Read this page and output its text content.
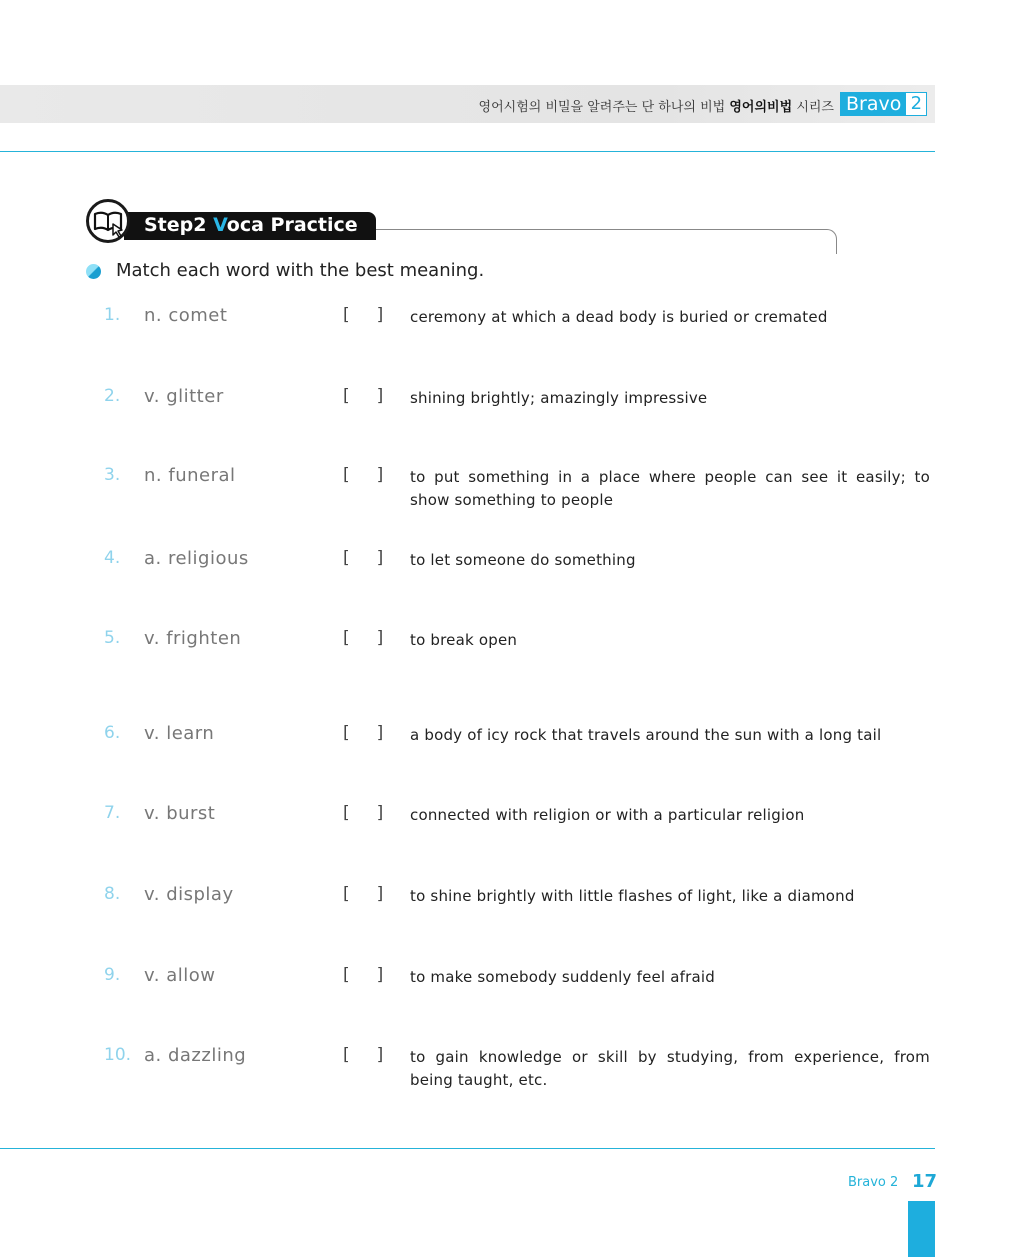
영어시험의 비밀을 알려주는 단 하나의 비법 영어의비법 시리즈 Bravo 2
Step2 Voca Practice
Match each word with the best meaning.
1. n. comet	[     ] ceremony at which a dead body is buried or cremated
2. v. glitter	[     ] shining brightly; amazingly impressive
3. n. funeral	[     ] to put something in a place where people can see it easily; to show something to people
4. a. religious	[     ] to let someone do something
5. v. frighten	[     ] to break open
6. v. learn	[     ] a body of icy rock that travels around the sun with a long tail
7. v. burst	[     ] connected with religion or with a particular religion
8. v. display	[     ] to shine brightly with little flashes of light, like a diamond
9. v. allow	[     ] to make somebody suddenly feel afraid
10. a. dazzling	[     ] to gain knowledge or skill by studying, from experience, from being taught, etc.
Bravo 2 17
